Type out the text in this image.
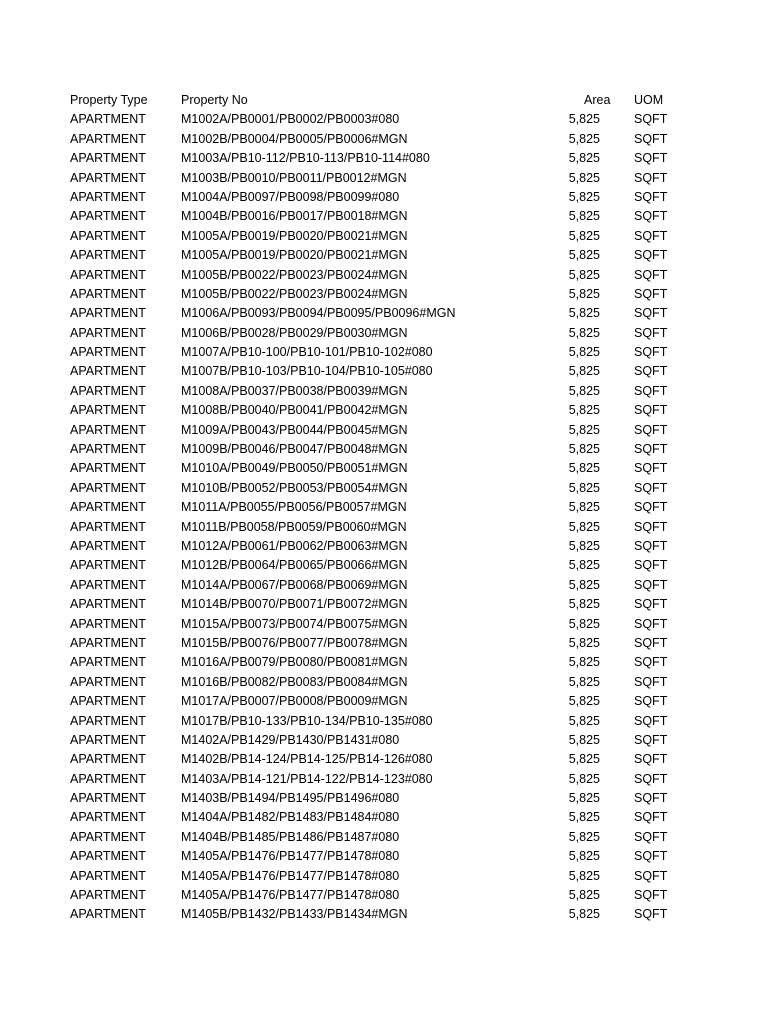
Property Type	Property No	Area UOM
APARTMENT	M1002A/PB0001/PB0002/PB0003#080	5,825	SQFT
APARTMENT	M1002B/PB0004/PB0005/PB0006#MGN	5,825	SQFT
APARTMENT	M1003A/PB10-112/PB10-113/PB10-114#080	5,825	SQFT
APARTMENT	M1003B/PB0010/PB0011/PB0012#MGN	5,825	SQFT
APARTMENT	M1004A/PB0097/PB0098/PB0099#080	5,825	SQFT
APARTMENT	M1004B/PB0016/PB0017/PB0018#MGN	5,825	SQFT
APARTMENT	M1005A/PB0019/PB0020/PB0021#MGN	5,825	SQFT
APARTMENT	M1005A/PB0019/PB0020/PB0021#MGN	5,825	SQFT
APARTMENT	M1005B/PB0022/PB0023/PB0024#MGN	5,825	SQFT
APARTMENT	M1005B/PB0022/PB0023/PB0024#MGN	5,825	SQFT
APARTMENT	M1006A/PB0093/PB0094/PB0095/PB0096#MGN	5,825	SQFT
APARTMENT	M1006B/PB0028/PB0029/PB0030#MGN	5,825	SQFT
APARTMENT	M1007A/PB10-100/PB10-101/PB10-102#080	5,825	SQFT
APARTMENT	M1007B/PB10-103/PB10-104/PB10-105#080	5,825	SQFT
APARTMENT	M1008A/PB0037/PB0038/PB0039#MGN	5,825	SQFT
APARTMENT	M1008B/PB0040/PB0041/PB0042#MGN	5,825	SQFT
APARTMENT	M1009A/PB0043/PB0044/PB0045#MGN	5,825	SQFT
APARTMENT	M1009B/PB0046/PB0047/PB0048#MGN	5,825	SQFT
APARTMENT	M1010A/PB0049/PB0050/PB0051#MGN	5,825	SQFT
APARTMENT	M1010B/PB0052/PB0053/PB0054#MGN	5,825	SQFT
APARTMENT	M1011A/PB0055/PB0056/PB0057#MGN	5,825	SQFT
APARTMENT	M1011B/PB0058/PB0059/PB0060#MGN	5,825	SQFT
APARTMENT	M1012A/PB0061/PB0062/PB0063#MGN	5,825	SQFT
APARTMENT	M1012B/PB0064/PB0065/PB0066#MGN	5,825	SQFT
APARTMENT	M1014A/PB0067/PB0068/PB0069#MGN	5,825	SQFT
APARTMENT	M1014B/PB0070/PB0071/PB0072#MGN	5,825	SQFT
APARTMENT	M1015A/PB0073/PB0074/PB0075#MGN	5,825	SQFT
APARTMENT	M1015B/PB0076/PB0077/PB0078#MGN	5,825	SQFT
APARTMENT	M1016A/PB0079/PB0080/PB0081#MGN	5,825	SQFT
APARTMENT	M1016B/PB0082/PB0083/PB0084#MGN	5,825	SQFT
APARTMENT	M1017A/PB0007/PB0008/PB0009#MGN	5,825	SQFT
APARTMENT	M1017B/PB10-133/PB10-134/PB10-135#080	5,825	SQFT
APARTMENT	M1402A/PB1429/PB1430/PB1431#080	5,825	SQFT
APARTMENT	M1402B/PB14-124/PB14-125/PB14-126#080	5,825	SQFT
APARTMENT	M1403A/PB14-121/PB14-122/PB14-123#080	5,825	SQFT
APARTMENT	M1403B/PB1494/PB1495/PB1496#080	5,825	SQFT
APARTMENT	M1404A/PB1482/PB1483/PB1484#080	5,825	SQFT
APARTMENT	M1404B/PB1485/PB1486/PB1487#080	5,825	SQFT
APARTMENT	M1405A/PB1476/PB1477/PB1478#080	5,825	SQFT
APARTMENT	M1405A/PB1476/PB1477/PB1478#080	5,825	SQFT
APARTMENT	M1405A/PB1476/PB1477/PB1478#080	5,825	SQFT
APARTMENT	M1405B/PB1432/PB1433/PB1434#MGN	5,825	SQFT
